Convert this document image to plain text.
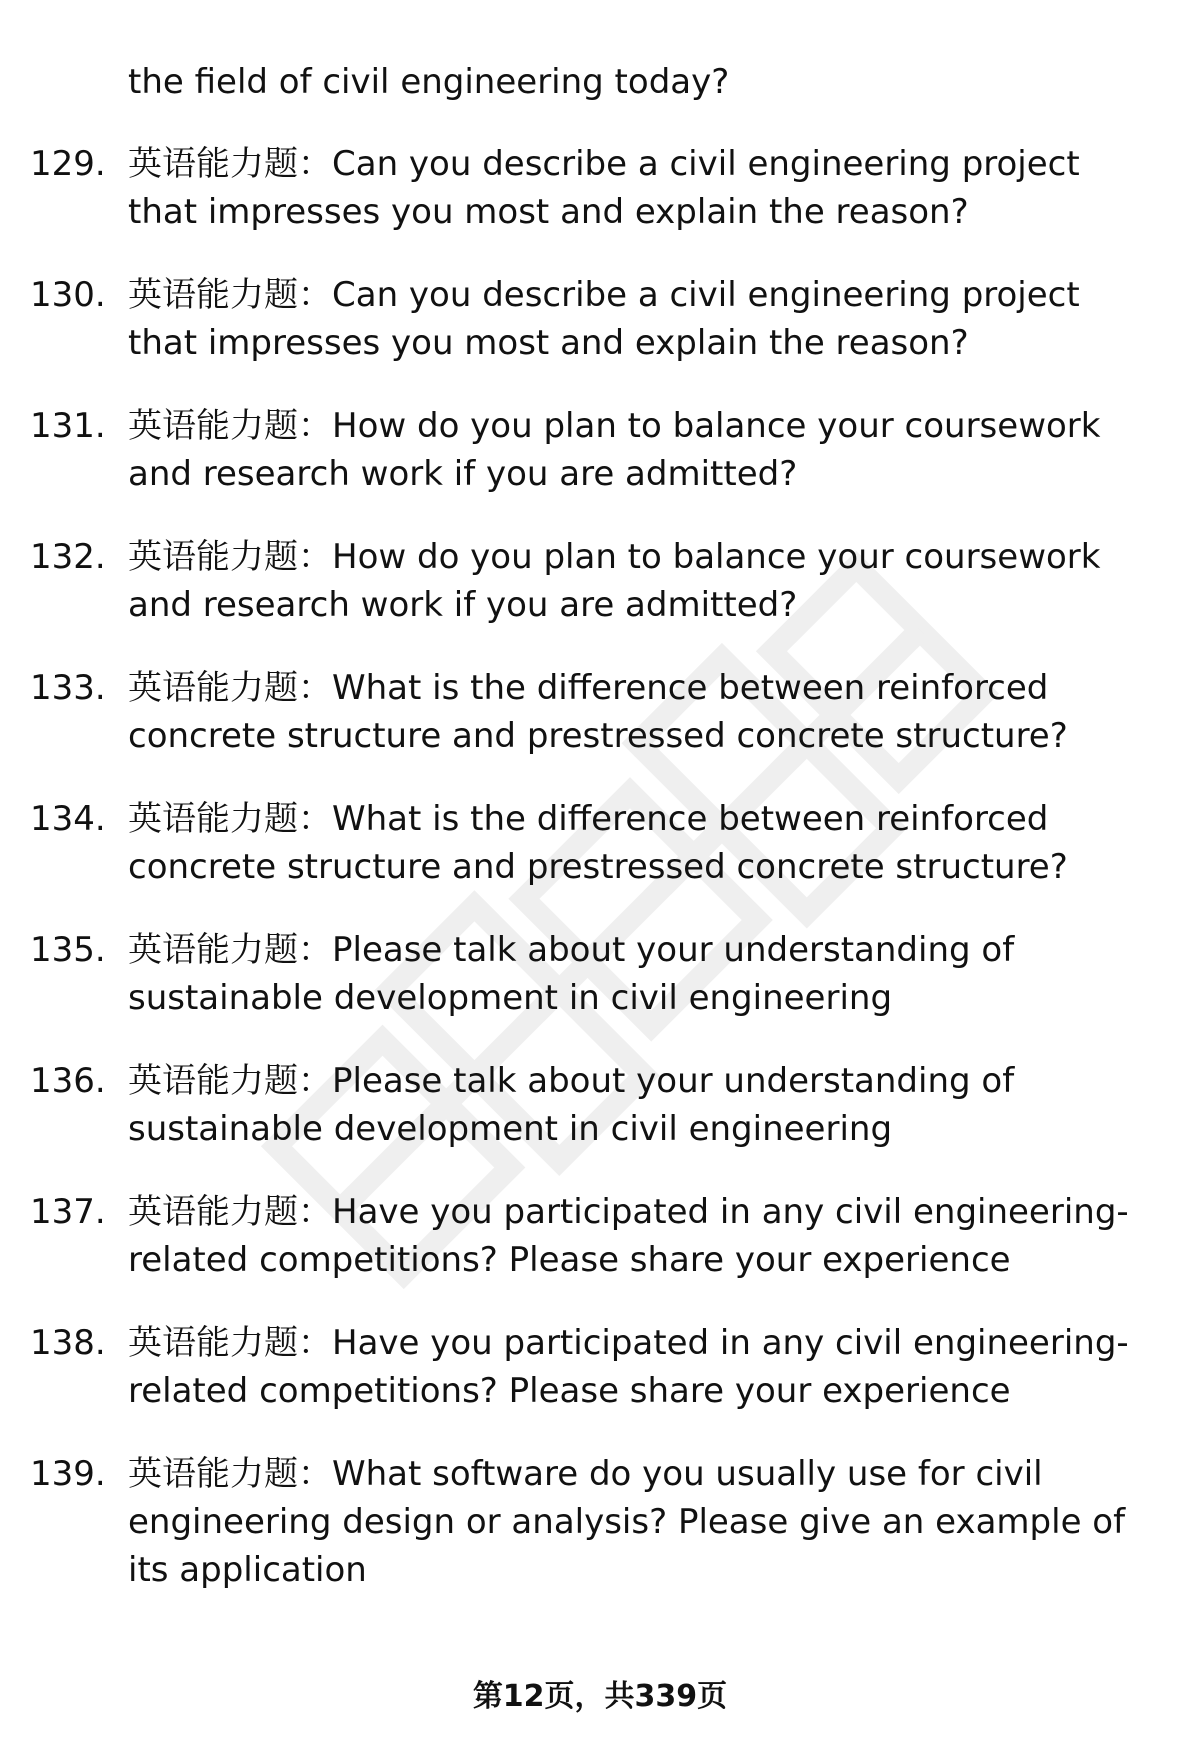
the field of civil engineering today?
129. 英语能力题：Can you describe a civil engineering project that impresses you most and explain the reason?
130. 英语能力题：Can you describe a civil engineering project that impresses you most and explain the reason?
131. 英语能力题：How do you plan to balance your coursework and research work if you are admitted?
132. 英语能力题：How do you plan to balance your coursework and research work if you are admitted?
133. 英语能力题：What is the difference between reinforced concrete structure and prestressed concrete structure?
134. 英语能力题：What is the difference between reinforced concrete structure and prestressed concrete structure?
135. 英语能力题：Please talk about your understanding of sustainable development in civil engineering
136. 英语能力题：Please talk about your understanding of sustainable development in civil engineering
137. 英语能力题：Have you participated in any civil engineering-related competitions? Please share your experience
138. 英语能力题：Have you participated in any civil engineering-related competitions? Please share your experience
139. 英语能力题：What software do you usually use for civil engineering design or analysis? Please give an example of its application
第12页，共339页
